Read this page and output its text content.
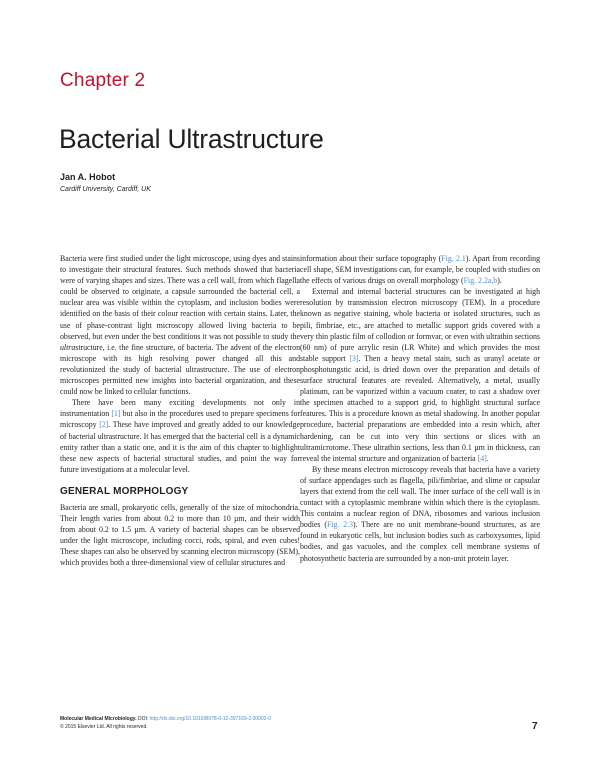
Chapter 2
Bacterial Ultrastructure
Jan A. Hobot
Cardiff University, Cardiff, UK

Bacteria were first studied under the light microscope, using dyes and stains to investigate their structural features. Such methods showed that bacteria were of varying shapes and sizes. There was a cell wall, from which flagella could be observed to originate, a capsule surrounded the bacterial cell, a nuclear area was visible within the cytoplasm, and inclusion bodies were identified on the basis of their colour reaction with certain stains. Later, the use of phase-contrast light microscopy allowed living bacteria to be observed, but even under the best conditions it was not possible to study the ultrastructure, i.e. the fine structure, of bacteria. The advent of the electron microscope with its high resolving power changed all this and revolutionized the study of bacterial ultrastructure. The use of electron microscopes permitted new insights into bacterial organization, and these could now be linked to cellular functions.

There have been many exciting developments not only in instrumentation [1] but also in the procedures used to prepare specimens for microscopy [2]. These have improved and greatly added to our knowledge of bacterial ultrastructure. It has emerged that the bacterial cell is a dynamic entity rather than a static one, and it is the aim of this chapter to highlight these new aspects of bacterial structural studies, and point the way for future investigations at a molecular level.

GENERAL MORPHOLOGY

Bacteria are small, prokaryotic cells, generally of the size of mitochondria. Their length varies from about 0.2 to more than 10 µm, and their width from about 0.2 to 1.5 µm. A variety of bacterial shapes can be observed under the light microscope, including cocci, rods, spiral, and even cubes! These shapes can also be observed by scanning electron microscopy (SEM), which provides both a three-dimensional view of cellular structures and

information about their surface topography (Fig. 2.1). Apart from recording cell shape, SEM investigations can, for example, be coupled with studies on the effects of various drugs on overall morphology (Fig. 2.2a,b).

External and internal bacterial structures can be investigated at high resolution by transmission electron microscopy (TEM). In a procedure known as negative staining, whole bacteria or isolated structures, such as pili, fimbriae, etc., are attached to metallic support grids covered with a very thin plastic film of collodion or formvar, or even with ultrathin sections (60 nm) of pure acrylic resin (LR White) and which provides the most stable support [3]. Then a heavy metal stain, such as uranyl acetate or phosphotungstic acid, is dried down over the preparation and details of surface structural features are revealed. Alternatively, a metal, usually platinum, can be vaporized within a vacuum coater, to cast a shadow over the specimen attached to a support grid, to highlight structural surface features. This is a procedure known as metal shadowing. In another popular procedure, bacterial preparations are embedded into a resin which, after hardening, can be cut into very thin sections or slices with an ultramicrotome. These ultrathin sections, less than 0.1 µm in thickness, can reveal the internal structure and organization of bacteria [4].

By these means electron microscopy reveals that bacteria have a variety of surface appendages such as flagella, pili/fimbriae, and slime or capsular layers that extend from the cell wall. The inner surface of the cell wall is in contact with a cytoplasmic membrane within which there is the cytoplasm. This contains a nuclear region of DNA, ribosomes and various inclusion bodies (Fig. 2.3). There are no unit membrane-bound structures, as are found in eukaryotic cells, but inclusion bodies such as carboxysomes, lipid bodies, and gas vacuoles, and the complex cell membrane systems of photosynthetic bacteria are surrounded by a non-unit protein layer.

Molecular Medical Microbiology. DOI: http://dx.doi.org/10.1016/B978-0-12-397169-2.00002-0
© 2015 Elsevier Ltd. All rights reserved.	7
